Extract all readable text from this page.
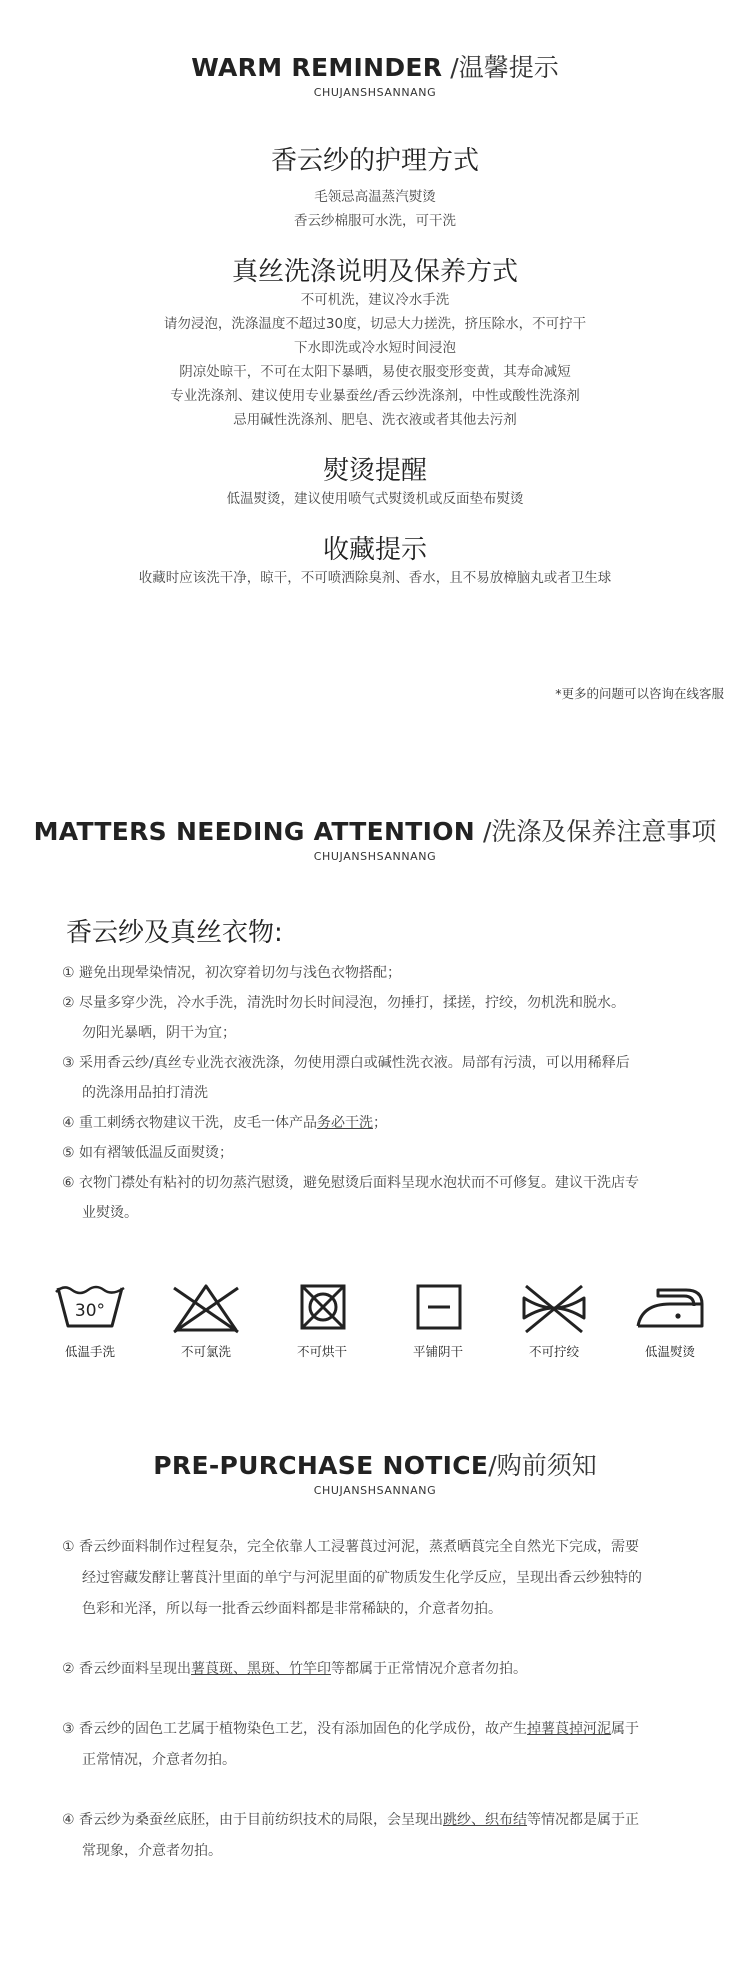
WARM REMINDER /温馨提示
CHUJANSHSANNANG
香云纱的护理方式
毛领忌高温蒸汽熨烫
香云纱棉服可水洗，可干洗
真丝洗涤说明及保养方式
不可机洗，建议冷水手洗
请勿浸泡，洗涤温度不超过30度，切忌大力搓洗，挤压除水，不可拧干
下水即洗或冷水短时间浸泡
阴凉处晾干，不可在太阳下暴晒，易使衣服变形变黄，其寿命减短
专业洗涤剂、建议使用专业暴蚕丝/香云纱洗涤剂，中性或酸性洗涤剂
忌用碱性洗涤剂、肥皂、洗衣液或者其他去污剂
熨烫提醒
低温熨烫，建议使用喷气式熨烫机或反面垫布熨烫
收藏提示
收藏时应该洗干净，晾干，不可喷洒除臭剂、香水，且不易放樟脑丸或者卫生球
*更多的问题可以咨询在线客服
MATTERS NEEDING ATTENTION /洗涤及保养注意事项
CHUJANSHSANNANG
香云纱及真丝衣物:
① 避免出现晕染情况，初次穿着切勿与浅色衣物搭配；
② 尽量多穿少洗，冷水手洗，清洗时勿长时间浸泡，勿捶打，揉搓，拧绞，勿机洗和脱水。
勿阳光暴晒，阴干为宜；
③ 采用香云纱/真丝专业洗衣液洗涤，勿使用漂白或碱性洗衣液。局部有污渍，可以用稀释后
的洗涤用品拍打清洗
④ 重工刺绣衣物建议干洗，皮毛一体产品务必干洗；
⑤ 如有褶皱低温反面熨烫；
⑥ 衣物门襟处有粘衬的切勿蒸汽慰烫，避免慰烫后面料呈现水泡状而不可修复。建议干洗店专
业熨烫。
30°
低温手洗	不可氯洗	不可烘干	平铺阴干	不可拧绞	低温熨烫
PRE-PURCHASE NOTICE/购前须知
CHUJANSHSANNANG
① 香云纱面料制作过程复杂，完全依靠人工浸薯莨过河泥，蒸煮晒莨完全自然光下完成，需要
经过窖藏发酵让薯莨汁里面的单宁与河泥里面的矿物质发生化学反应，呈现出香云纱独特的
色彩和光泽，所以每一批香云纱面料都是非常稀缺的，介意者勿拍。
② 香云纱面料呈现出薯莨斑、黑斑、竹竿印等都属于正常情况介意者勿拍。
③ 香云纱的固色工艺属于植物染色工艺，没有添加固色的化学成份，故产生掉薯莨掉河泥属于
正常情况，介意者勿拍。
④ 香云纱为桑蚕丝底胚，由于目前纺织技术的局限，会呈现出跳纱、织布结等情况都是属于正
常现象，介意者勿拍。
